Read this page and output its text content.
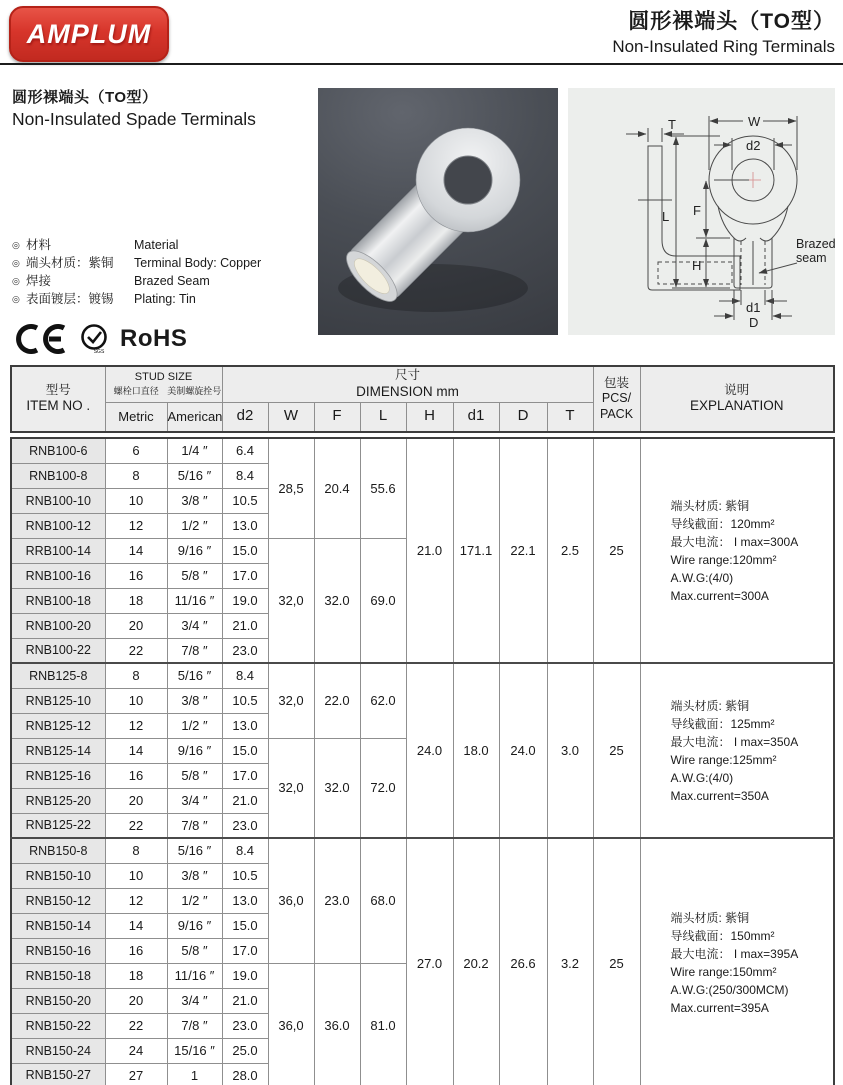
AMPLUM	圆形裸端头（TO型）
Non-Insulated Ring Terminals
圆形裸端头（TO型）
Non-Insulated Spade Terminals
◎ 材料	Material
◎ 端头材质：紫铜	Terminal Body: Copper
◎ 焊接	Brazed Seam
◎ 表面镀层：镀锡	Plating: Tin
SGS RoHS
T	W
d2
L F
H
d1
D
Brazed
seam
型号
ITEM NO .

STUD SIZE
螺栓口直径 美制螺旋拴号

尺寸
DIMENSION mm

包装
PCS/
PACK

说明
EXPLANATION

	Metric	American	d2	W	F	L	H	d1	D	T		
RNB100-6	6	1/4 ″	6.4	28,5	20.4	55.6	21.0	171.1	22.1	2.5	25	
端头材质: 紫铜
导线截面：120mm²
最大电流： I max=300A
Wire range:120mm²
A.W.G:(4/0)
Max.current=300A

RNB100-8	8	5/16 ″	8.4									
RNB100-10	10	3/8 ″	10.5									
RNB100-12	12	1/2 ″	13.0									
RRB100-14	14	9/16 ″	15.0	32,0	32.0	69.0						
RNB100-16	16	5/8 ″	17.0									
RNB100-18	18	11/16 ″	19.0									
RNB100-20	20	3/4 ″	21.0									
RNB100-22	22	7/8 ″	23.0									
RNB125-8	8	5/16 ″	8.4	32,0	22.0	62.0	24.0	18.0	24.0	3.0	25	
端头材质: 紫铜
导线截面：125mm²
最大电流： I max=350A
Wire range:125mm²
A.W.G:(4/0)
Max.current=350A

RNB125-10	10	3/8 ″	10.5									
RNB125-12	12	1/2 ″	13.0									
RNB125-14	14	9/16 ″	15.0	32,0	32.0	72.0						
RNB125-16	16	5/8 ″	17.0									
RNB125-20	20	3/4 ″	21.0									
RNB125-22	22	7/8 ″	23.0									
RNB150-8	8	5/16 ″	8.4	36,0	23.0	68.0	27.0	20.2	26.6	3.2	25	
端头材质: 紫铜
导线截面：150mm²
最大电流： I max=395A
Wire range:150mm²
A.W.G:(250/300MCM)
Max.current=395A

RNB150-10	10	3/8 ″	10.5									
RNB150-12	12	1/2 ″	13.0									
RNB150-14	14	9/16 ″	15.0									
RNB150-16	16	5/8 ″	17.0									
RNB150-18	18	11/16 ″	19.0	36,0	36.0	81.0						
RNB150-20	20	3/4 ″	21.0									
RNB150-22	22	7/8 ″	23.0									
RNB150-24	24	15/16 ″	25.0									
RNB150-27	27	1	28.0									
